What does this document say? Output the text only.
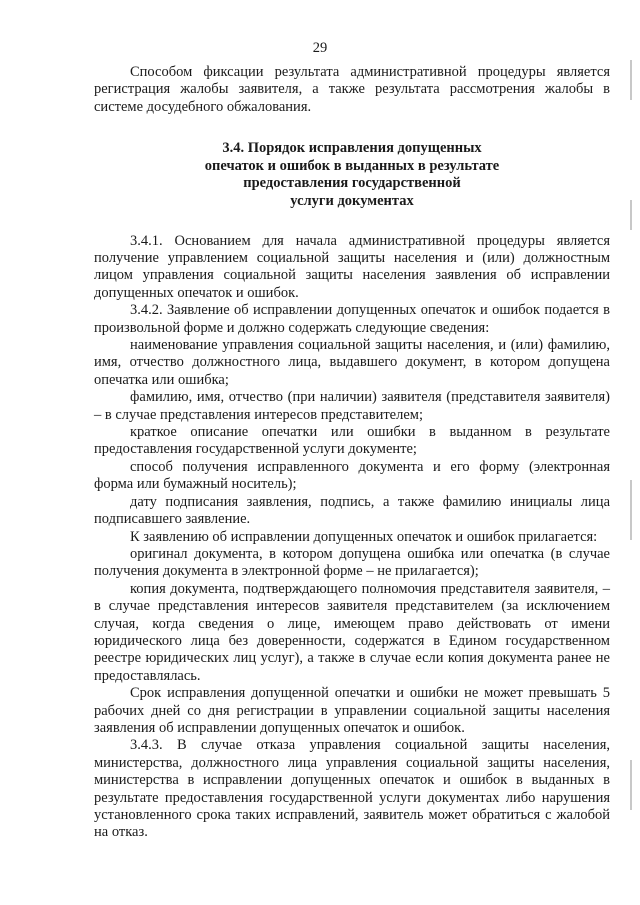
29

Способом фиксации результата административной процедуры является регистрация жалобы заявителя, а также результата рассмотрения жалобы в системе досудебного обжалования.

3.4. Порядок исправления допущенных
опечаток и ошибок в выданных в результате
предоставления государственной
услуги документах

3.4.1. Основанием для начала административной процедуры является получение управлением социальной защиты населения и (или) должностным лицом управления социальной защиты населения заявления об исправлении допущенных опечаток и ошибок.

3.4.2. Заявление об исправлении допущенных опечаток и ошибок подается в произвольной форме и должно содержать следующие сведения:

наименование управления социальной защиты населения, и (или) фамилию, имя, отчество должностного лица, выдавшего документ, в котором допущена опечатка или ошибка;

фамилию, имя, отчество (при наличии) заявителя (представителя заявителя) – в случае представления интересов представителем;

краткое описание опечатки или ошибки в выданном в результате предоставления государственной услуги документе;

способ получения исправленного документа и его форму (электронная форма или бумажный носитель);

дату подписания заявления, подпись, а также фамилию инициалы лица подписавшего заявление.

К заявлению об исправлении допущенных опечаток и ошибок прилагается:

оригинал документа, в котором допущена ошибка или опечатка (в случае получения документа в электронной форме – не прилагается);

копия документа, подтверждающего полномочия представителя заявителя, – в случае представления интересов заявителя представителем (за исключением случая, когда сведения о лице, имеющем право действовать от имени юридического лица без доверенности, содержатся в Едином государственном реестре юридических лиц услуг), а также в случае если копия документа ранее не предоставлялась.

Срок исправления допущенной опечатки и ошибки не может превышать 5 рабочих дней со дня регистрации в управлении социальной защиты населения заявления об исправлении допущенных опечаток и ошибок.

3.4.3. В случае отказа управления социальной защиты населения, министерства, должностного лица управления социальной защиты населения, министерства в исправлении допущенных опечаток и ошибок в выданных в результате предоставления государственной услуги документах либо нарушения установленного срока таких исправлений, заявитель может обратиться с жалобой на отказ.
